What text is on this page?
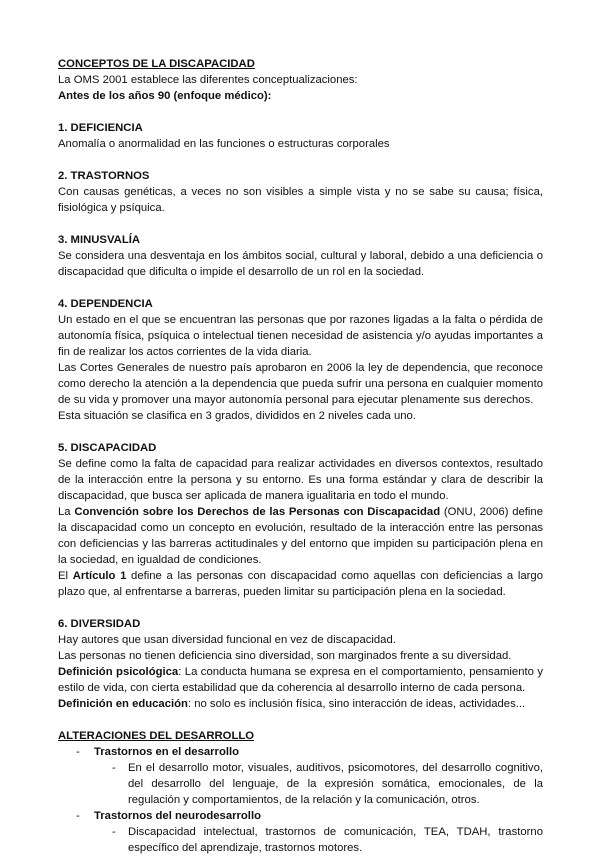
CONCEPTOS DE LA DISCAPACIDAD

La OMS 2001 establece las diferentes conceptualizaciones:

Antes de los años 90 (enfoque médico):

1. DEFICIENCIA

Anomalía o anormalidad en las funciones o estructuras corporales

2. TRASTORNOS

Con causas genéticas, a veces no son visibles a simple vista y no se sabe su causa; física, fisiológica y psíquica.

3. MINUSVALÍA

Se considera una desventaja en los ámbitos social, cultural y laboral, debido a una deficiencia o discapacidad que dificulta o impide el desarrollo de un rol en la sociedad.

4. DEPENDENCIA

Un estado en el que se encuentran las personas que por razones ligadas a la falta o pérdida de autonomía física, psíquica o intelectual tienen necesidad de asistencia y/o ayudas importantes a fin de realizar los actos corrientes de la vida diaria.

Las Cortes Generales de nuestro país aprobaron en 2006 la ley de dependencia, que reconoce como derecho la atención a la dependencia que pueda sufrir una persona en cualquier momento de su vida y promover una mayor autonomía personal para ejecutar plenamente sus derechos.

Esta situación se clasifica en 3 grados, divididos en 2 niveles cada uno.

5. DISCAPACIDAD

Se define como la falta de capacidad para realizar actividades en diversos contextos, resultado de la interacción entre la persona y su entorno. Es una forma estándar y clara de describir la discapacidad, que busca ser aplicada de manera igualitaria en todo el mundo.

La Convención sobre los Derechos de las Personas con Discapacidad (ONU, 2006) define la discapacidad como un concepto en evolución, resultado de la interacción entre las personas con deficiencias y las barreras actitudinales y del entorno que impiden su participación plena en la sociedad, en igualdad de condiciones.

El Artículo 1 define a las personas con discapacidad como aquellas con deficiencias a largo plazo que, al enfrentarse a barreras, pueden limitar su participación plena en la sociedad.

6. DIVERSIDAD

Hay autores que usan diversidad funcional en vez de discapacidad.

Las personas no tienen deficiencia sino diversidad, son marginados frente a su diversidad.

Definición psicológica: La conducta humana se expresa en el comportamiento, pensamiento y estilo de vida, con cierta estabilidad que da coherencia al desarrollo interno de cada persona.

Definición en educación: no solo es inclusión física, sino interacción de ideas, actividades...

ALTERACIONES DEL DESARROLLO

- Trastornos en el desarrollo
- En el desarrollo motor, visuales, auditivos, psicomotores, del desarrollo cognitivo, del desarrollo del lenguaje, de la expresión somática, emocionales, de la regulación y comportamientos, de la relación y la comunicación, otros.
- Trastornos del neurodesarrollo
- Discapacidad intelectual, trastornos de comunicación, TEA, TDAH, trastorno específico del aprendizaje, trastornos motores.
